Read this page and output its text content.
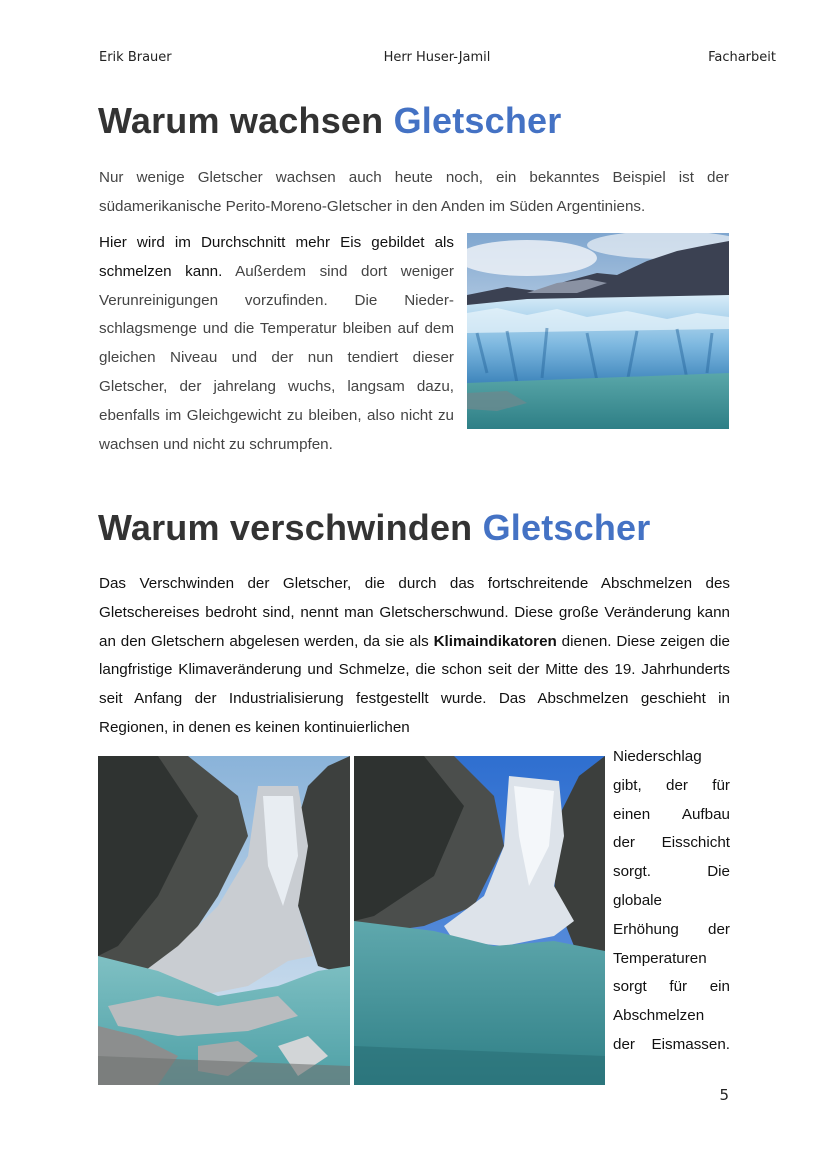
Erik Brauer	Herr Huser-Jamil	Facharbeit
Warum wachsen Gletscher

Nur wenige Gletscher wachsen auch heute noch, ein bekanntes Beispiel ist der südamerikanische Perito-Moreno-Gletscher in den Anden im Süden Argentiniens.

Hier wird im Durchschnitt mehr Eis gebildet als schmelzen kann. Außerdem sind dort weniger Verunreinigungen vorzufinden. Die Nieder-schlagsmenge und die Temperatur bleiben auf dem gleichen Niveau und der nun tendiert dieser Gletscher, der jahrelang wuchs, langsam dazu, ebenfalls im Gleichgewicht zu bleiben, also nicht zu wachsen und nicht zu schrumpfen.

Warum verschwinden Gletscher

Das Verschwinden der Gletscher, die durch das fortschreitende Abschmelzen des Gletschereises bedroht sind, nennt man Gletscherschwund. Diese große Veränderung kann an den Gletschern abgelesen werden, da sie als Klimaindikatoren dienen. Diese zeigen die langfristige Klimaveränderung und Schmelze, die schon seit der Mitte des 19. Jahrhunderts seit Anfang der Industrialisierung festgestellt wurde. Das Abschmelzen geschieht in Regionen, in denen es keinen kontinuierlichen

Niederschlag
gibt, der für
einen Aufbau
der Eisschicht
sorgt. Die
globale
Erhöhung der
Temperaturen
sorgt für ein
Abschmelzen
der Eismassen.
5
